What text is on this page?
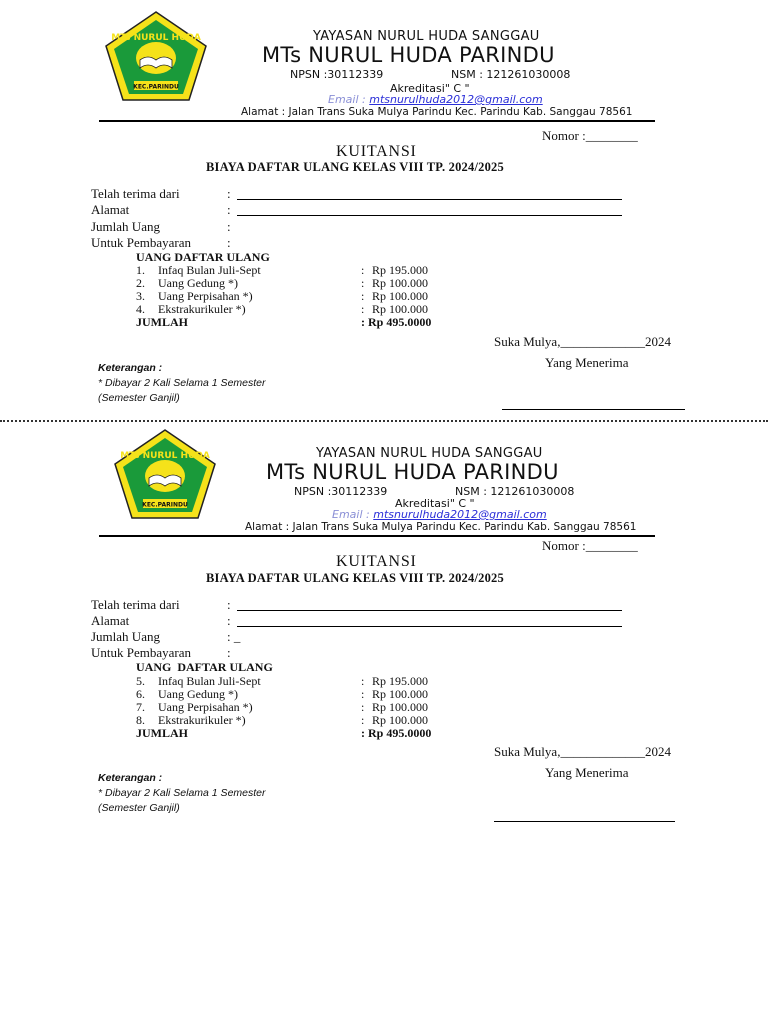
MTs NURUL HUDA
KEC.PARINDU
YAYASAN NURUL HUDA SANGGAU
MTs NURUL HUDA PARINDU
NPSN :30112339	NSM : 121261030008
Akreditasi" C "
Email : mtsnurulhuda2012@gmail.com
Alamat : Jalan Trans Suka Mulya Parindu Kec. Parindu Kab. Sanggau 78561
Nomor :________
KUITANSI
BIAYA DAFTAR ULANG KELAS VIII TP. 2024/2025
Telah terima dari	:
Alamat	:
Jumlah Uang	:
Untuk Pembayaran	:
UANG DAFTAR ULANG
1. Infaq Bulan Juli-Sept	: Rp 195.000
2. Uang Gedung *)	: Rp 100.000
3. Uang Perpisahan *)	: Rp 100.000
4. Ekstrakurikuler *)	: Rp 100.000
JUMLAH	: Rp 495.0000
Suka Mulya,_____________2024
Yang Menerima
Keterangan :
* Dibayar 2 Kali Selama 1 Semester
(Semester Ganjil)
MTs NURUL HUDA
KEC.PARINDU
YAYASAN NURUL HUDA SANGGAU
MTs NURUL HUDA PARINDU
NPSN :30112339	NSM : 121261030008
Akreditasi" C "
Email : mtsnurulhuda2012@gmail.com
Alamat : Jalan Trans Suka Mulya Parindu Kec. Parindu Kab. Sanggau 78561
Nomor :________
KUITANSI
BIAYA DAFTAR ULANG KELAS VIII TP. 2024/2025
Telah terima dari	:
Alamat	:
Jumlah Uang	: _
Untuk Pembayaran	:
UANG  DAFTAR ULANG
5. Infaq Bulan Juli-Sept	: Rp 195.000
6. Uang Gedung *)	: Rp 100.000
7. Uang Perpisahan *)	: Rp 100.000
8. Ekstrakurikuler *)	: Rp 100.000
JUMLAH	: Rp 495.0000
Suka Mulya,_____________2024
Yang Menerima
Keterangan :
* Dibayar 2 Kali Selama 1 Semester
(Semester Ganjil)
